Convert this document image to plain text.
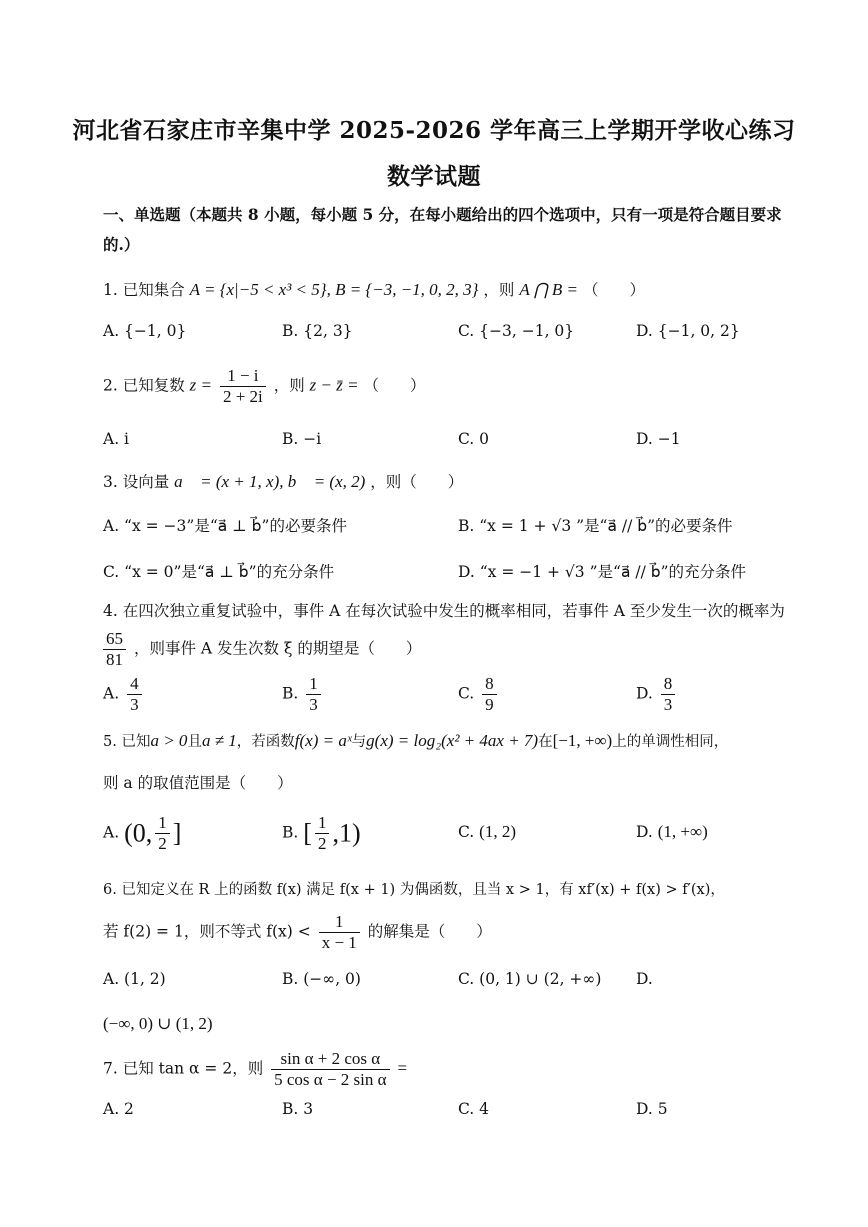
河北省石家庄市辛集中学 2025-2026 学年高三上学期开学收心练习
数学试题
一、单选题（本题共 8 小题，每小题 5 分，在每小题给出的四个选项中，只有一项是符合题目要求的.）
1. 已知集合 A = {x|−5 < x³ < 5}, B = {−3, −1, 0, 2, 3} ，则 A ⋂ B = （　　）
A. {−1, 0}	B. {2, 3}	C. {−3, −1, 0}	D. {−1, 0, 2}
2. 已知复数 $z = \frac{1 - i}{2 + 2i}$ ，则 z − z̄ = （　　）
A. i	B. −i	C. 0	D. −1
3. 设向量 a⃗ = (x + 1, x), b⃗ = (x, 2) ，则（　　）
A. “x = −3”是“a⃗ ⊥ b⃗”的必要条件	B. “x = 1 + √3 ”是“a⃗ // b⃗”的必要条件
C. “x = 0”是“a⃗ ⊥ b⃗”的充分条件	D. “x = −1 + √3 ”是“a⃗ // b⃗”的充分条件
4. 在四次独立重复试验中，事件 A 在每次试验中发生的概率相同，若事件 A 至少发生一次的概率为
$\frac{65}{81}$ ，则事件 A 发生次数 ξ 的期望是（　　）
A. $\frac{4}{3}$	B. $\frac{1}{3}$	C. $\frac{8}{9}$	D. $\frac{8}{3}$
5. 已知a > 0且a ≠ 1，若函数f(x) = aˣ与g(x) = log₂(x² + 4ax + 7)在[−1, +∞)上的单调性相同，
则 a 的取值范围是（　　）
A. (0, $\frac{1}{2}$ ]	B. [ $\frac{1}{2} ,1$)	C. (1, 2)	D. (1, +∞)
6. 已知定义在 R 上的函数 f(x) 满足 f(x + 1) 为偶函数，且当 x > 1，有 xf′(x) + f(x) > f′(x)，
若 f(2) = 1，则不等式 $f(x) < \frac{1}{x - 1}$ 的解集是（　　）
A. (1, 2)	B. (−∞, 0)	C. (0, 1) ∪ (2, +∞) D.
(−∞, 0) ∪ (1, 2)
7. 已知 tan α = 2，则 $\frac{\text{sin α + 2 cos α}}{\text{5 cos α − 2 sin α}}$ =
A. 2	B. 3	C. 4	D. 5
